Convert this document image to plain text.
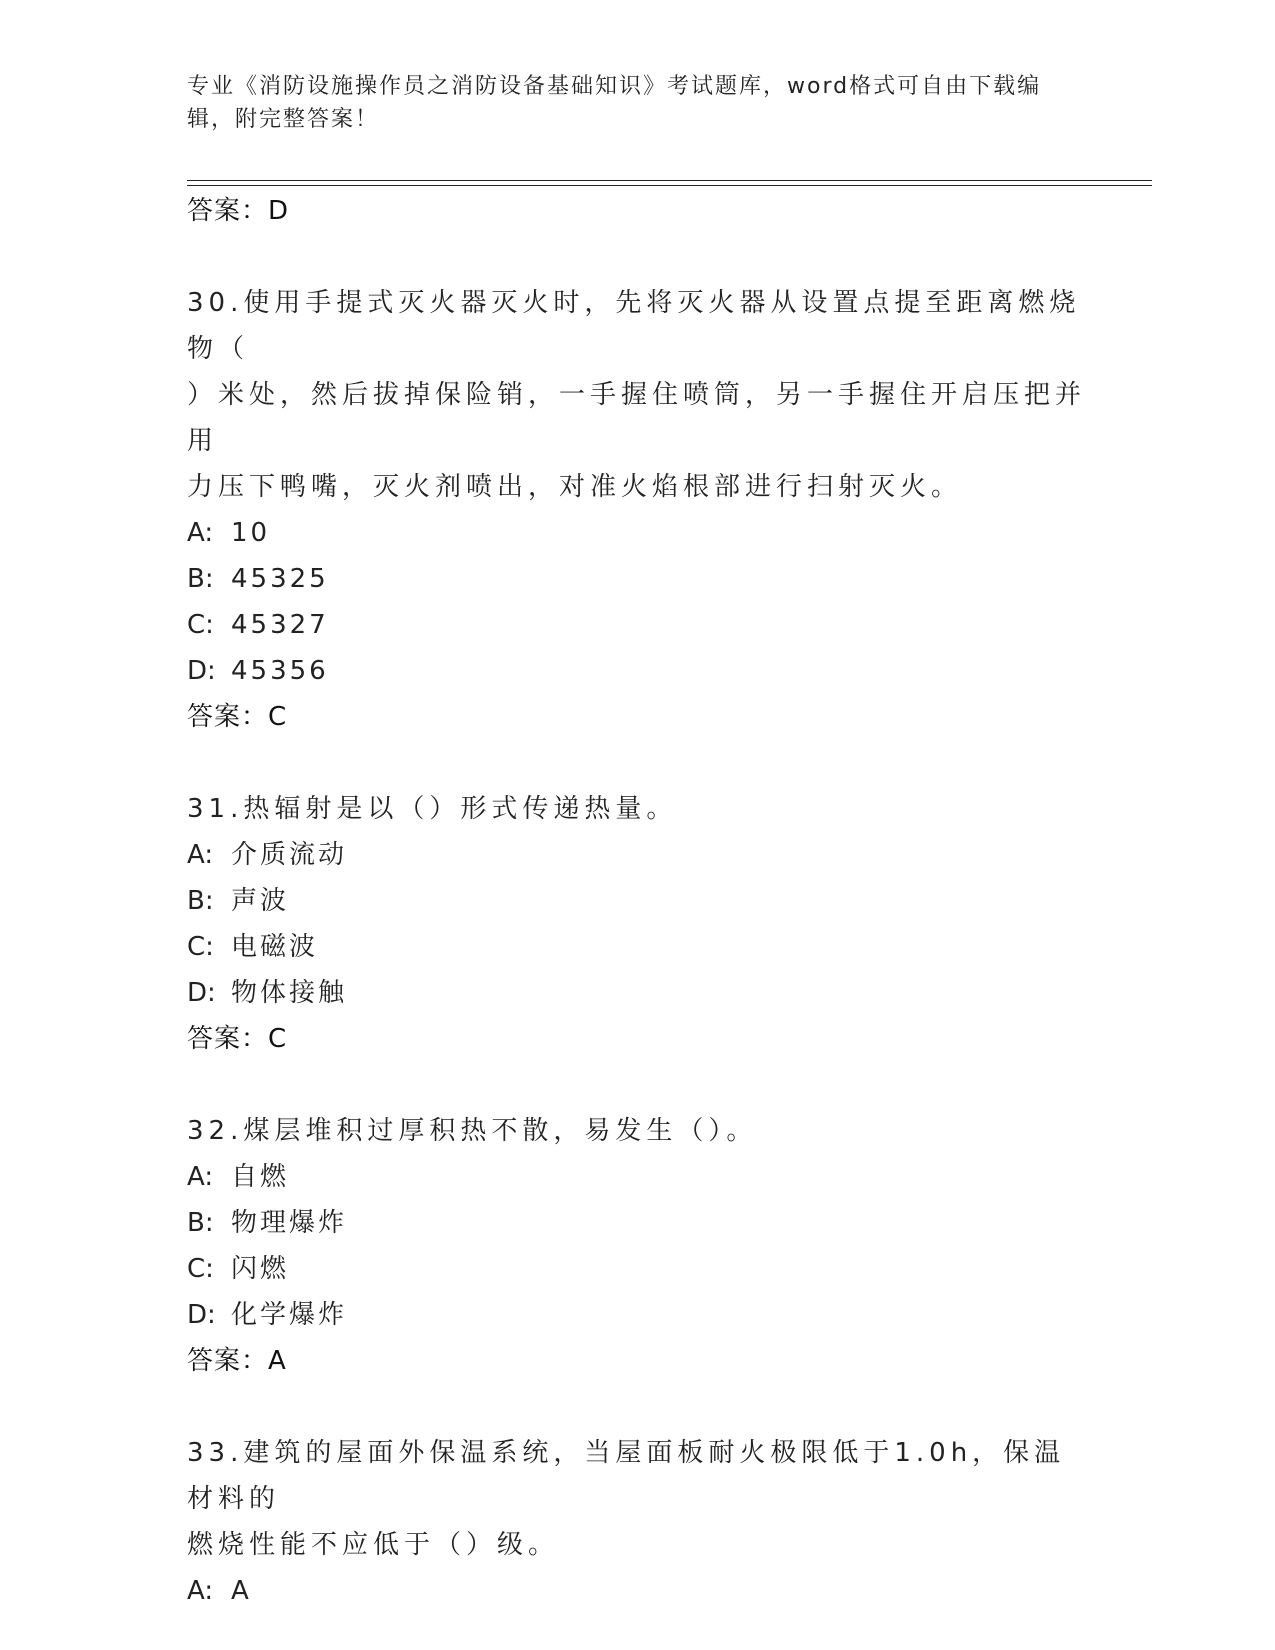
专业《消防设施操作员之消防设备基础知识》考试题库，word格式可自由下载编辑，附完整答案！

答案：D

30.使用手提式灭火器灭火时，先将灭火器从设置点提至距离燃烧物（

）米处，然后拔掉保险销，一手握住喷筒，另一手握住开启压把并用

力压下鸭嘴，灭火剂喷出，对准火焰根部进行扫射灭火。

A: 10

B: 45325

C: 45327

D: 45356

答案：C

31.热辐射是以（）形式传递热量。

A: 介质流动

B: 声波

C: 电磁波

D: 物体接触

答案：C

32.煤层堆积过厚积热不散，易发生（）。

A: 自燃

B: 物理爆炸

C: 闪燃

D: 化学爆炸

答案：A

33.建筑的屋面外保温系统，当屋面板耐火极限低于1.0h，保温材料的

燃烧性能不应低于（）级。

A: A
